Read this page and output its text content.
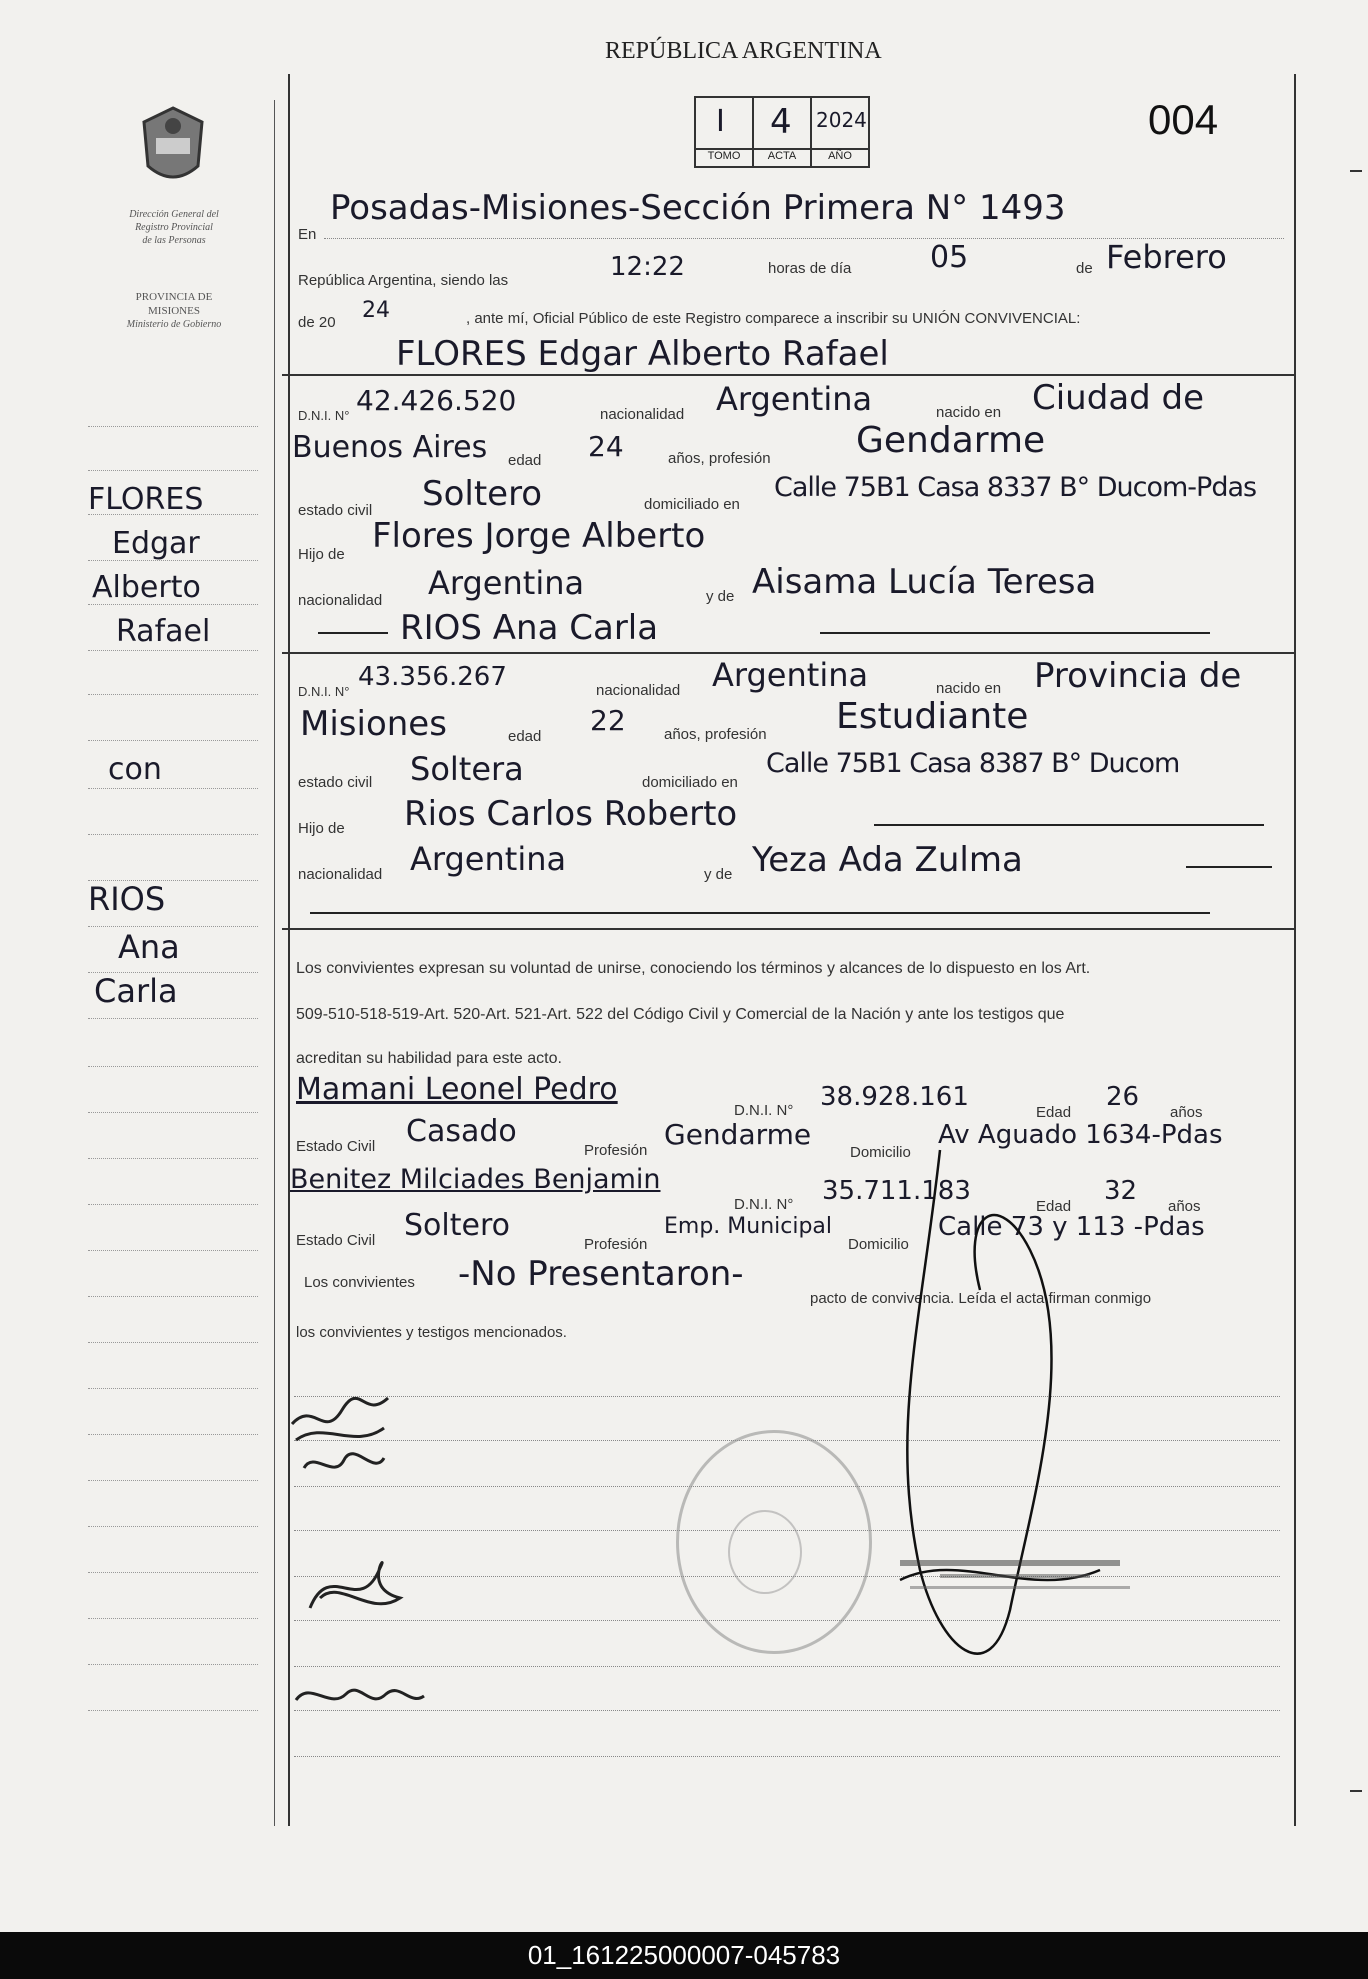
REPÚBLICA ARGENTINA
004
I
TOMO
4
ACTA
2024
AÑO
Dirección General del
Registro Provincial
de las Personas
PROVINCIA DE
MISIONES
Ministerio de Gobierno
FLORES
Edgar
Alberto
Rafael
con
RIOS
Ana
Carla
En
Posadas-Misiones-Sección Primera N° 1493
República Argentina, siendo las	12:22	horas de día	05	de Febrero
de 20 24	, ante mí, Oficial Público de este Registro comparece a inscribir su UNIÓN CONVIVENCIAL:
FLORES Edgar Alberto Rafael
D.N.I. N° 42.426.520	nacionalidad Argentina	nacido en Ciudad de
Buenos Aires edad 24	años, profesión Gendarme
estado civil Soltero	domiciliado en
Calle 75B1 Casa 8337 B° Ducom-Pdas
Hijo de Flores Jorge Alberto
nacionalidad Argentina	y de Aisama Lucía Teresa
RIOS Ana Carla
D.N.I. N° 43.356.267	nacionalidad Argentina	nacido en Provincia de
Misiones	edad 22	años, profesión Estudiante
estado civil Soltera	domiciliado en
Calle 75B1 Casa 8387 B° Ducom
Hijo de Rios Carlos Roberto
nacionalidad Argentina	y de Yeza Ada Zulma
Los convivientes expresan su voluntad de unirse, conociendo los términos y alcances de lo dispuesto en los Art.
509-510-518-519-Art. 520-Art. 521-Art. 522 del Código Civil y Comercial de la Nación y ante los testigos que
acreditan su habilidad para este acto.
Mamani Leonel Pedro
D.N.I. N° 38.928.161
Edad
26
años
Estado Civil Casado
Profesión Gendarme
Domicilio
Av Aguado 1634-Pdas
Benitez Milciades Benjamin
D.N.I. N° 35.711.183
Edad
32
años
Estado Civil Soltero
Profesión
Emp. Municipal
Domicilio
Calle 73 y 113 -Pdas
Los convivientes -No Presentaron-
pacto de convivencia. Leída el acta firman conmigo
los convivientes y testigos mencionados.
01_161225000007-045783
